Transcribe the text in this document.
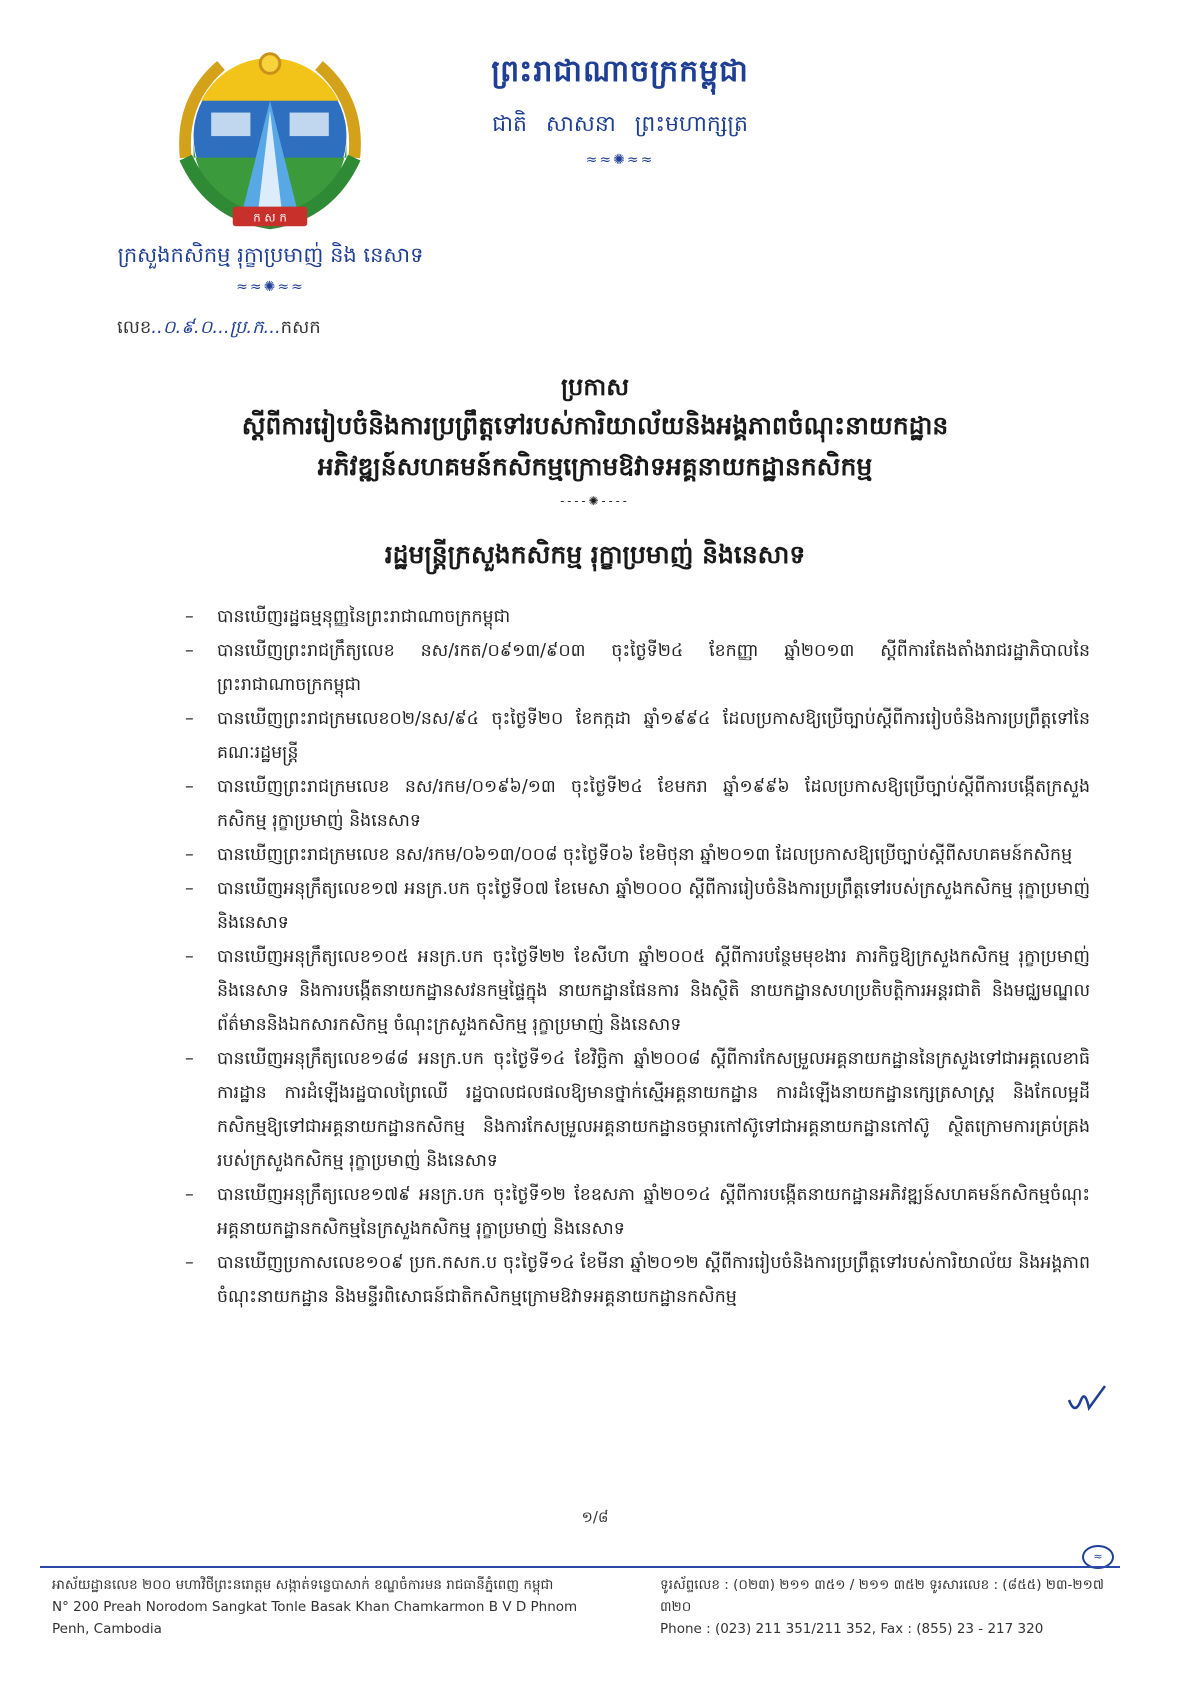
ក ស ក
ព្រះរាជាណាចក្រកម្ពុជា
ជាតិ សាសនា ព្រះមហាក្សត្រ
≈≈✺≈≈
ក្រសួងកសិកម្ម រុក្ខាប្រមាញ់ និង នេសាទ
≈≈✺≈≈
លេខ..០.៩.០...ប្រ.ក...កសក
ប្រកាស
ស្តីពីការរៀបចំនិងការប្រព្រឹត្តទៅរបស់ការិយាល័យនិងអង្គភាពចំណុះនាយកដ្ឋាន
អភិវឌ្ឍន៍សហគមន៍កសិកម្មក្រោមឱវាទអគ្គនាយកដ្ឋានកសិកម្ម
----✺----
រដ្ឋមន្ត្រីក្រសួងកសិកម្ម រុក្ខាប្រមាញ់ និងនេសាទ
– បានឃើញរដ្ឋធម្មនុញ្ញនៃព្រះរាជាណាចក្រកម្ពុជា
– បានឃើញព្រះរាជក្រឹត្យលេខ នស/រកត/០៩១៣/៩០៣ ចុះថ្ងៃទី២៤ ខែកញ្ញា ឆ្នាំ២០១៣ ស្តីពីការតែងតាំងរាជរដ្ឋាភិបាលនៃព្រះរាជាណាចក្រកម្ពុជា
– បានឃើញព្រះរាជក្រមលេខ០២/នស/៩៤ ចុះថ្ងៃទី២០ ខែកក្កដា ឆ្នាំ១៩៩៤ ដែលប្រកាសឱ្យប្រើច្បាប់ស្តីពីការរៀបចំនិងការប្រព្រឹត្តទៅនៃគណៈរដ្ឋមន្ត្រី
– បានឃើញព្រះរាជក្រមលេខ នស/រកម/០១៩៦/១៣ ចុះថ្ងៃទី២៤ ខែមករា ឆ្នាំ១៩៩៦ ដែលប្រកាសឱ្យប្រើច្បាប់ស្តីពីការបង្កើតក្រសួងកសិកម្ម រុក្ខាប្រមាញ់ និងនេសាទ
– បានឃើញព្រះរាជក្រមលេខ នស/រកម/០៦១៣/០០៨ ចុះថ្ងៃទី០៦ ខែមិថុនា ឆ្នាំ២០១៣ ដែលប្រកាសឱ្យប្រើច្បាប់ស្តីពីសហគមន៍កសិកម្ម
– បានឃើញអនុក្រឹត្យលេខ១៧ អនក្រ.បក ចុះថ្ងៃទី០៧ ខែមេសា ឆ្នាំ២០០០ ស្តីពីការរៀបចំនិងការប្រព្រឹត្តទៅរបស់ក្រសួងកសិកម្ម រុក្ខាប្រមាញ់ និងនេសាទ
– បានឃើញអនុក្រឹត្យលេខ១០៥ អនក្រ.បក ចុះថ្ងៃទី២២ ខែសីហា ឆ្នាំ២០០៥ ស្តីពីការបន្ថែមមុខងារ ភារកិច្ចឱ្យក្រសួងកសិកម្ម រុក្ខាប្រមាញ់ និងនេសាទ និងការបង្កើតនាយកដ្ឋានសវនកម្មផ្ទៃក្នុង នាយកដ្ឋានផែនការ និងស្ថិតិ នាយកដ្ឋានសហប្រតិបត្តិការអន្តរជាតិ និងមជ្ឈមណ្ឌលព័ត៌មាននិងឯកសារកសិកម្ម ចំណុះក្រសួងកសិកម្ម រុក្ខាប្រមាញ់ និងនេសាទ
– បានឃើញអនុក្រឹត្យលេខ១៨៨ អនក្រ.បក ចុះថ្ងៃទី១៤ ខែវិច្ឆិកា ឆ្នាំ២០០៨ ស្តីពីការកែសម្រួលអគ្គនាយកដ្ឋាននៃក្រសួងទៅជាអគ្គលេខាធិការដ្ឋាន ការដំឡើងរដ្ឋបាលព្រៃឈើ រដ្ឋបាលជលផលឱ្យមានថ្នាក់ស្មើអគ្គនាយកដ្ឋាន ការដំឡើងនាយកដ្ឋានក្សេត្រសាស្ត្រ និងកែលម្អដីកសិកម្មឱ្យទៅជាអគ្គនាយកដ្ឋានកសិកម្ម និងការកែសម្រួលអគ្គនាយកដ្ឋានចម្ការកៅស៊ូទៅជាអគ្គនាយកដ្ឋានកៅស៊ូ ស្ថិតក្រោមការគ្រប់គ្រងរបស់ក្រសួងកសិកម្ម រុក្ខាប្រមាញ់ និងនេសាទ
– បានឃើញអនុក្រឹត្យលេខ១៧៩ អនក្រ.បក ចុះថ្ងៃទី១២ ខែឧសភា ឆ្នាំ២០១៤ ស្តីពីការបង្កើតនាយកដ្ឋានអភិវឌ្ឍន៍សហគមន៍កសិកម្មចំណុះអគ្គនាយកដ្ឋានកសិកម្មនៃក្រសួងកសិកម្ម រុក្ខាប្រមាញ់ និងនេសាទ
– បានឃើញប្រកាសលេខ១០៩ ប្រក.កសក.ប ចុះថ្ងៃទី១៤ ខែមីនា ឆ្នាំ២០១២ ស្តីពីការរៀបចំនិងការប្រព្រឹត្តទៅរបស់ការិយាល័យ និងអង្គភាពចំណុះនាយកដ្ឋាន និងមន្ទីរពិសោធន៍ជាតិកសិកម្មក្រោមឱវាទអគ្គនាយកដ្ឋានកសិកម្ម
១/៨
≈
អាស័យដ្ឋានលេខ ២០០ មហាវិថីព្រះនរោត្តម សង្កាត់ទន្លេបាសាក់ ខណ្ឌចំការមន រាជធានីភ្នំពេញ កម្ពុជា
N° 200 Preah Norodom Sangkat Tonle Basak Khan Chamkarmon B V D Phnom Penh, Cambodia
ទូរស័ព្ទលេខ : (០២៣) ២១១ ៣៥១ / ២១១ ៣៥២ ទូរសារលេខ : (៨៥៥) ២៣-២១៧ ៣២០
Phone : (023) 211 351/211 352, Fax : (855) 23 - 217 320
